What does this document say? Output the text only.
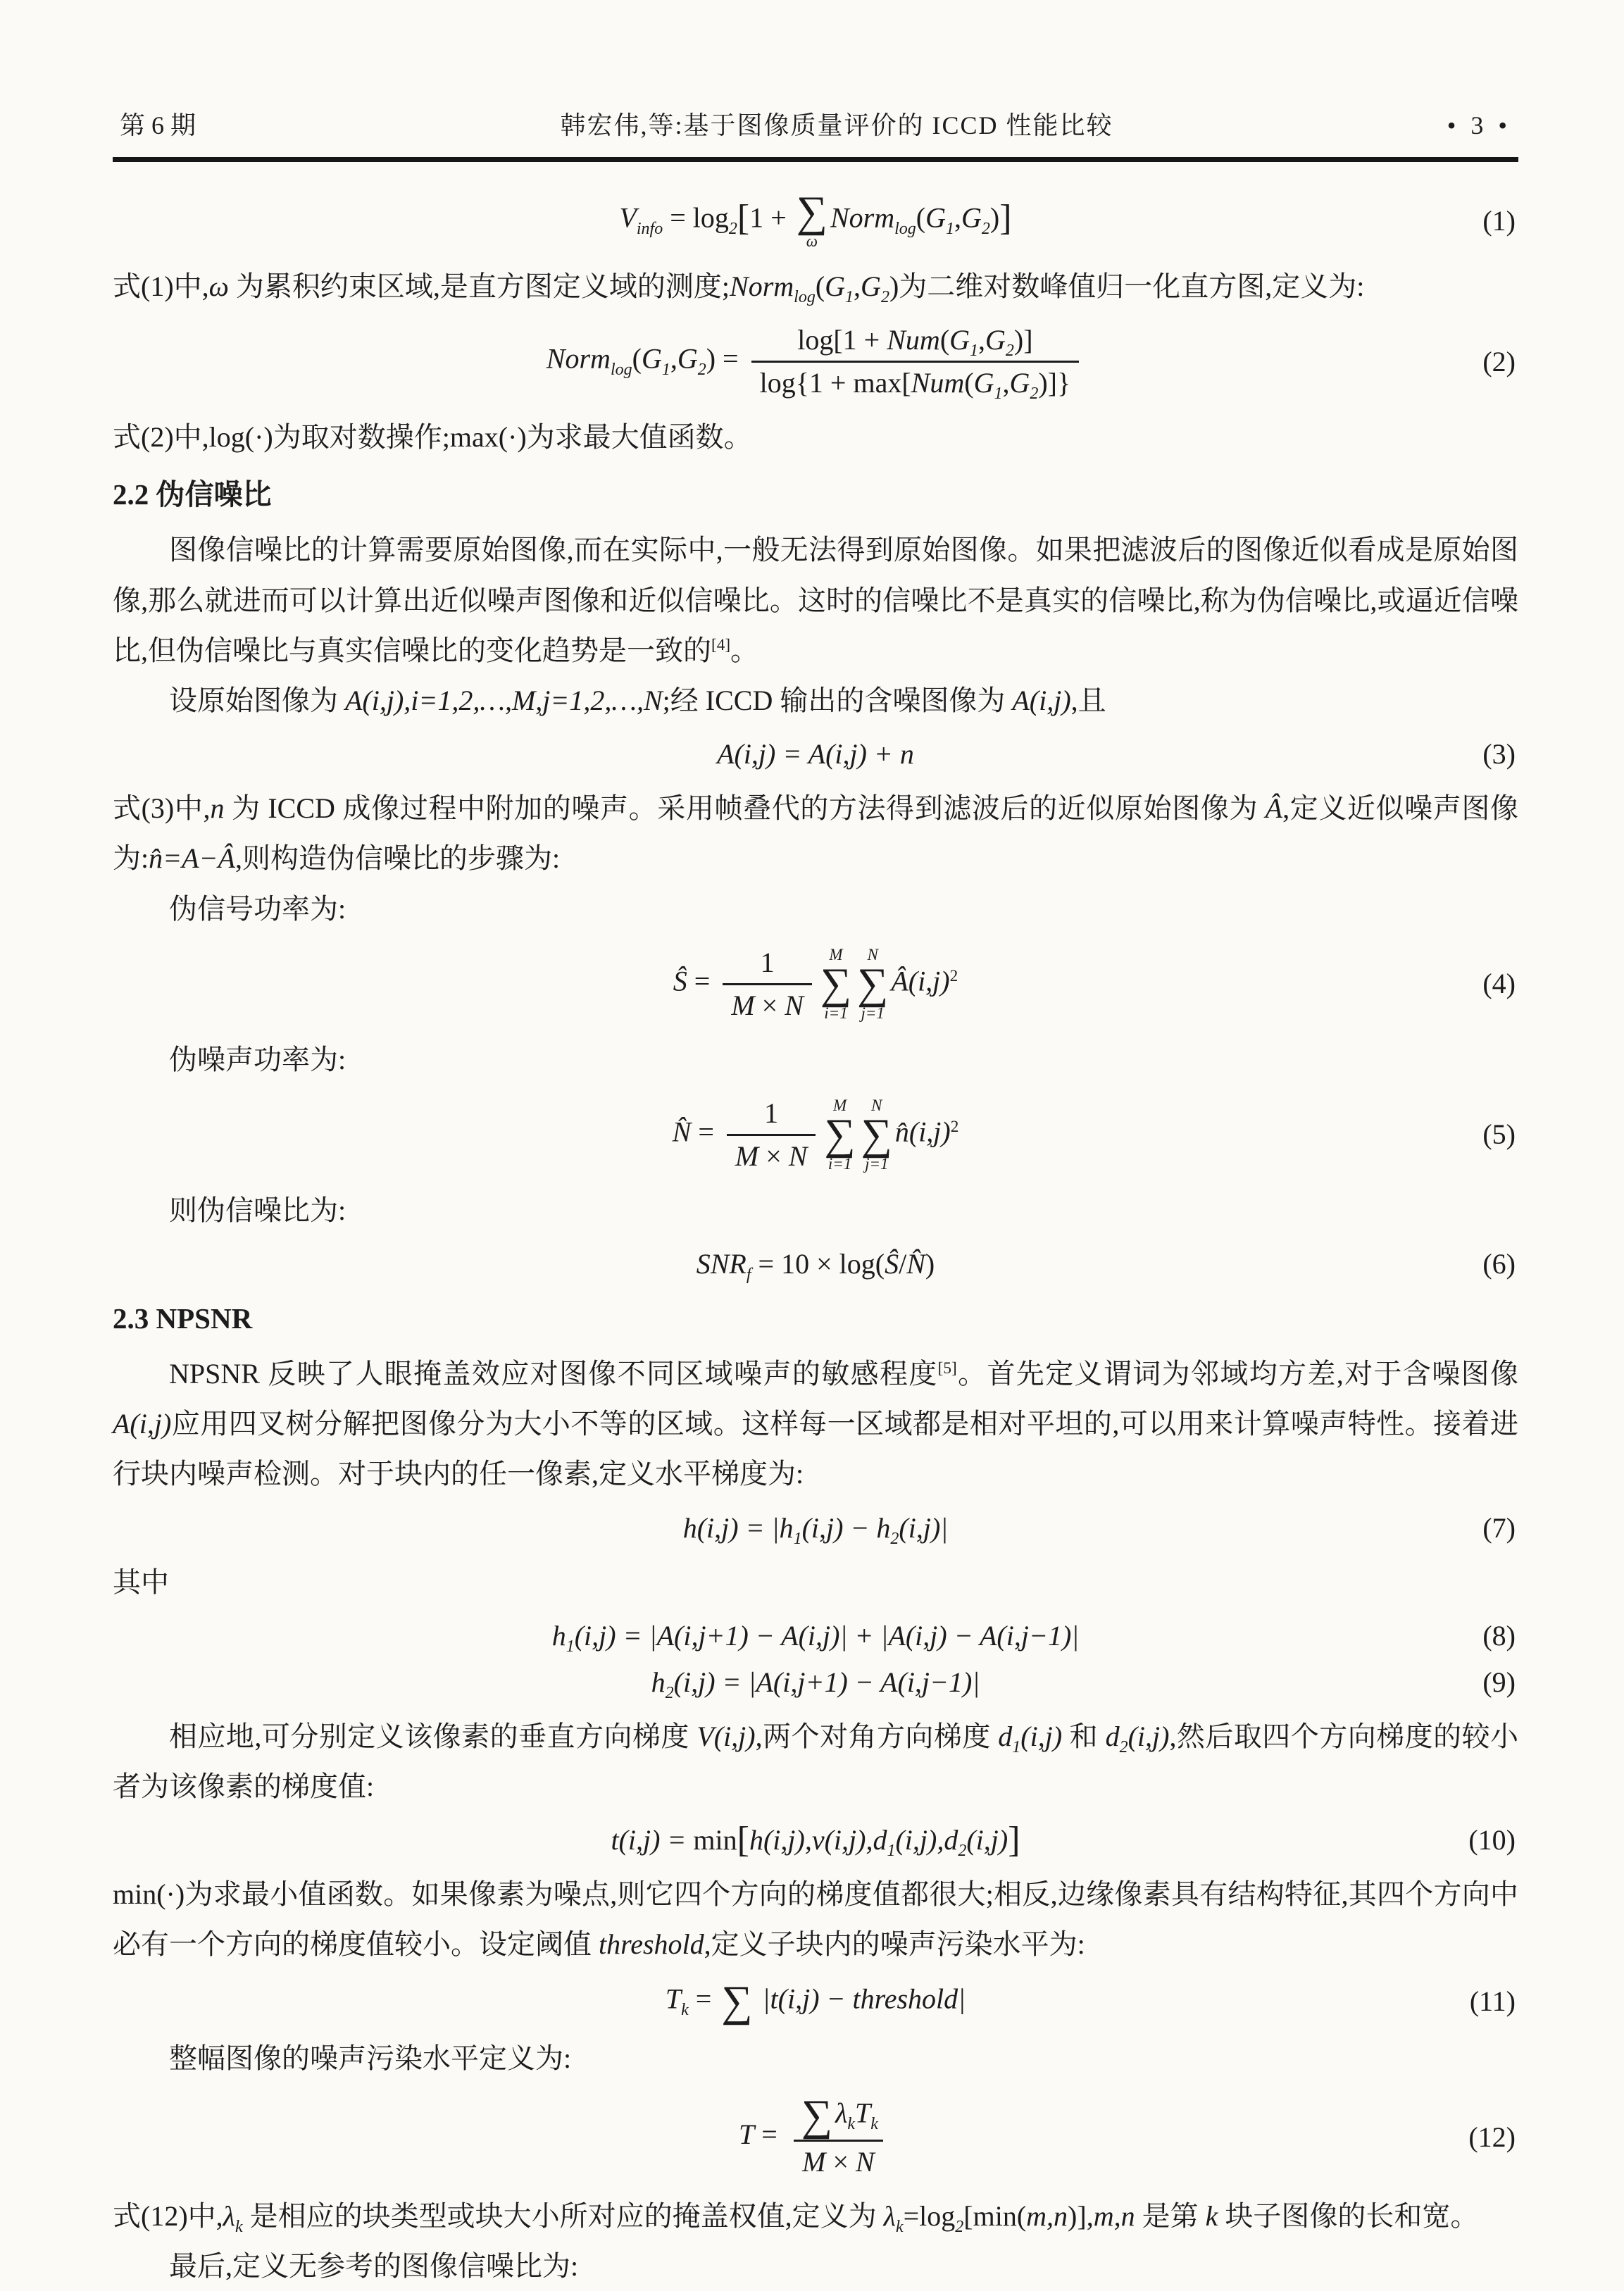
第 6 期	韩宏伟,等:基于图像质量评价的 ICCD 性能比较	• 3 •
$V_{info} = \log_2[1$ + ∑
ω
$Norm_{log}(G_1,G_2)$]	(1)
式(1)中,ω 为累积约束区域,是直方图定义域的测度$;Norm_{log}(G_1,G_2)$为二维对数峰值归一化直方图,定义为:
$Norm_{log}(G_1,G_2) = \frac{\log[1 + Num(G_1,G_2)]}{\log\{1 + \max[Num(G_1,G_2)]\}}$	(2)
式(2)中,log(·)为取对数操作;max(·)为求最大值函数。
2.2 伪信噪比
图像信噪比的计算需要原始图像,而在实际中,一般无法得到原始图像。如果把滤波后的图像近似看成是原始图像,那么就进而可以计算出近似噪声图像和近似信噪比。这时的信噪比不是真实的信噪比,称为伪信噪比,或逼近信噪比,但伪信噪比与真实信噪比的变化趋势是一致的[4]。
设原始图像为 A(i,j),i=1,2,…,M,j=1,2,…,N;经 ICCD 输出的含噪图像为 A(i,j),且
A(i,j) = A(i,j) + n	(3)
式(3)中,n 为 ICCD 成像过程中附加的噪声。采用帧叠代的方法得到滤波后的近似原始图像为 Â,定义近似噪声图像为:n̂=A−Â,则构造伪信噪比的步骤为:
伪信号功率为:
Ŝ = $\frac{1}{M \times N}$ M
∑
i=1
N
∑
j=1
$Â(i,j)^2$	(4)
伪噪声功率为:
N̂ = $\frac{1}{M \times N}$ M
∑
i=1
N
∑
j=1
$n̂(i,j)^2$	(5)
则伪信噪比为:
$SNR_f = 10$ × log(Ŝ/N̂)	(6)
2.3 NPSNR
NPSNR 反映了人眼掩盖效应对图像不同区域噪声的敏感程度[5]。首先定义谓词为邻域均方差,对于含噪图像 A(i,j)应用四叉树分解把图像分为大小不等的区域。这样每一区域都是相对平坦的,可以用来计算噪声特性。接着进行块内噪声检测。对于块内的任一像素,定义水平梯度为:
$h(i,j) = |h_1(i,j) - h_2(i,j)|$	(7)
其中
$h_1(i,j) = |A(i,j+1) - A(i,j)| + |A(i,j) - A(i,j-1)|$	(8)
$h_2(i,j) = |A(i,j+1) - A(i,j-1)|$	(9)
相应地,可分别定义该像素的垂直方向梯度 V(i,j),两个对角方向梯度 $d_1(i,j)$ 和 $d_2(i,j)$,然后取四个方向梯度的较小者为该像素的梯度值:
$t(i,j) = \min[h(i,j),v(i,j),d_1(i,j),d_2(i,j)]$	(10)
min(·)为求最小值函数。如果像素为噪点,则它四个方向的梯度值都很大;相反,边缘像素具有结构特征,其四个方向中必有一个方向的梯度值较小。设定阈值 threshold,定义子块内的噪声污染水平为:
$T_k$ = ∑ |t(i,j) − threshold|	(11)
整幅图像的噪声污染水平定义为:
$T = \frac{\sum \lambda_kT_k}{M \times N}$	(12)
式(12)中$,\lambda_k$ 是相应的块类型或块大小所对应的掩盖权值,定义为 $\lambda_k=\log_2[\min(m,n)],m,n$ 是第 k 块子图像的长和宽。
最后,定义无参考的图像信噪比为:
